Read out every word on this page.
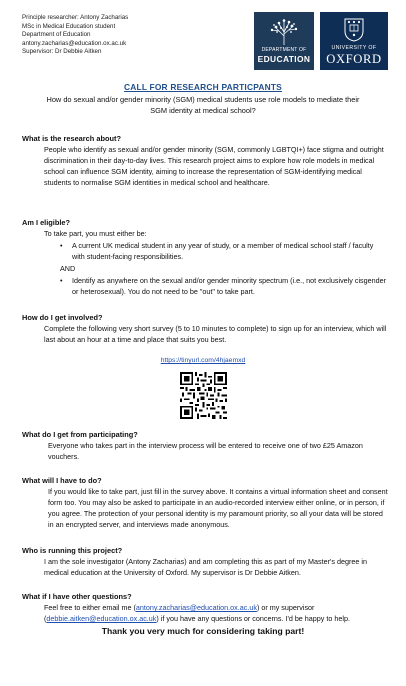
Principle researcher: Antony Zacharias
MSc in Medical Education student
Department of Education
antony.zacharias@education.ox.ac.uk
Supervisor: Dr Debbie Aitken	DEPARTMENT OF
EDUCATION
UNIVERSITY OF
OXFORD
CALL FOR RESEARCH PARTICPANTS
How do sexual and/or gender minority (SGM) medical students use role models to mediate their SGM identity at medical school?
What is the research about?
People who identify as sexual and/or gender minority (SGM, commonly LGBTQI+) face stigma and outright discrimination in their day-to-day lives. This research project aims to explore how role models in medical school can influence SGM identity, aiming to increase the representation of SGM-identifying medical students to normalise SGM identities in medical school and healthcare.
Am I eligible?
To take part, you must either be:
• A current UK medical student in any year of study, or a member of medical school staff / faculty with student-facing responsibilities.
AND
• Identify as anywhere on the sexual and/or gender minority spectrum (i.e., not exclusively cisgender or heterosexual). You do not need to be "out" to take part.
How do I get involved?
Complete the following very short survey (5 to 10 minutes to complete) to sign up for an interview, which will last about an hour at a time and place that suits you best.
https://tinyurl.com/4hjaemxd
What do I get from participating?
Everyone who takes part in the interview process will be entered to receive one of two £25 Amazon vouchers.
What will I have to do?
If you would like to take part, just fill in the survey above. It contains a virtual information sheet and consent form too. You may also be asked to participate in an audio-recorded interview either online, or in person, if you agree. The protection of your personal identity is my paramount priority, so all your data will be stored in an encrypted server, and interviews made anonymous.
Who is running this project?
I am the sole investigator (Antony Zacharias) and am completing this as part of my Master's degree in medical education at the University of Oxford. My supervisor is Dr Debbie Aitken.
What if I have other questions?
Feel free to either email me (antony.zacharias@education.ox.ac.uk) or my supervisor (debbie.aitken@education.ox.ac.uk) if you have any questions or concerns. I'd be happy to help.
Thank you very much for considering taking part!
